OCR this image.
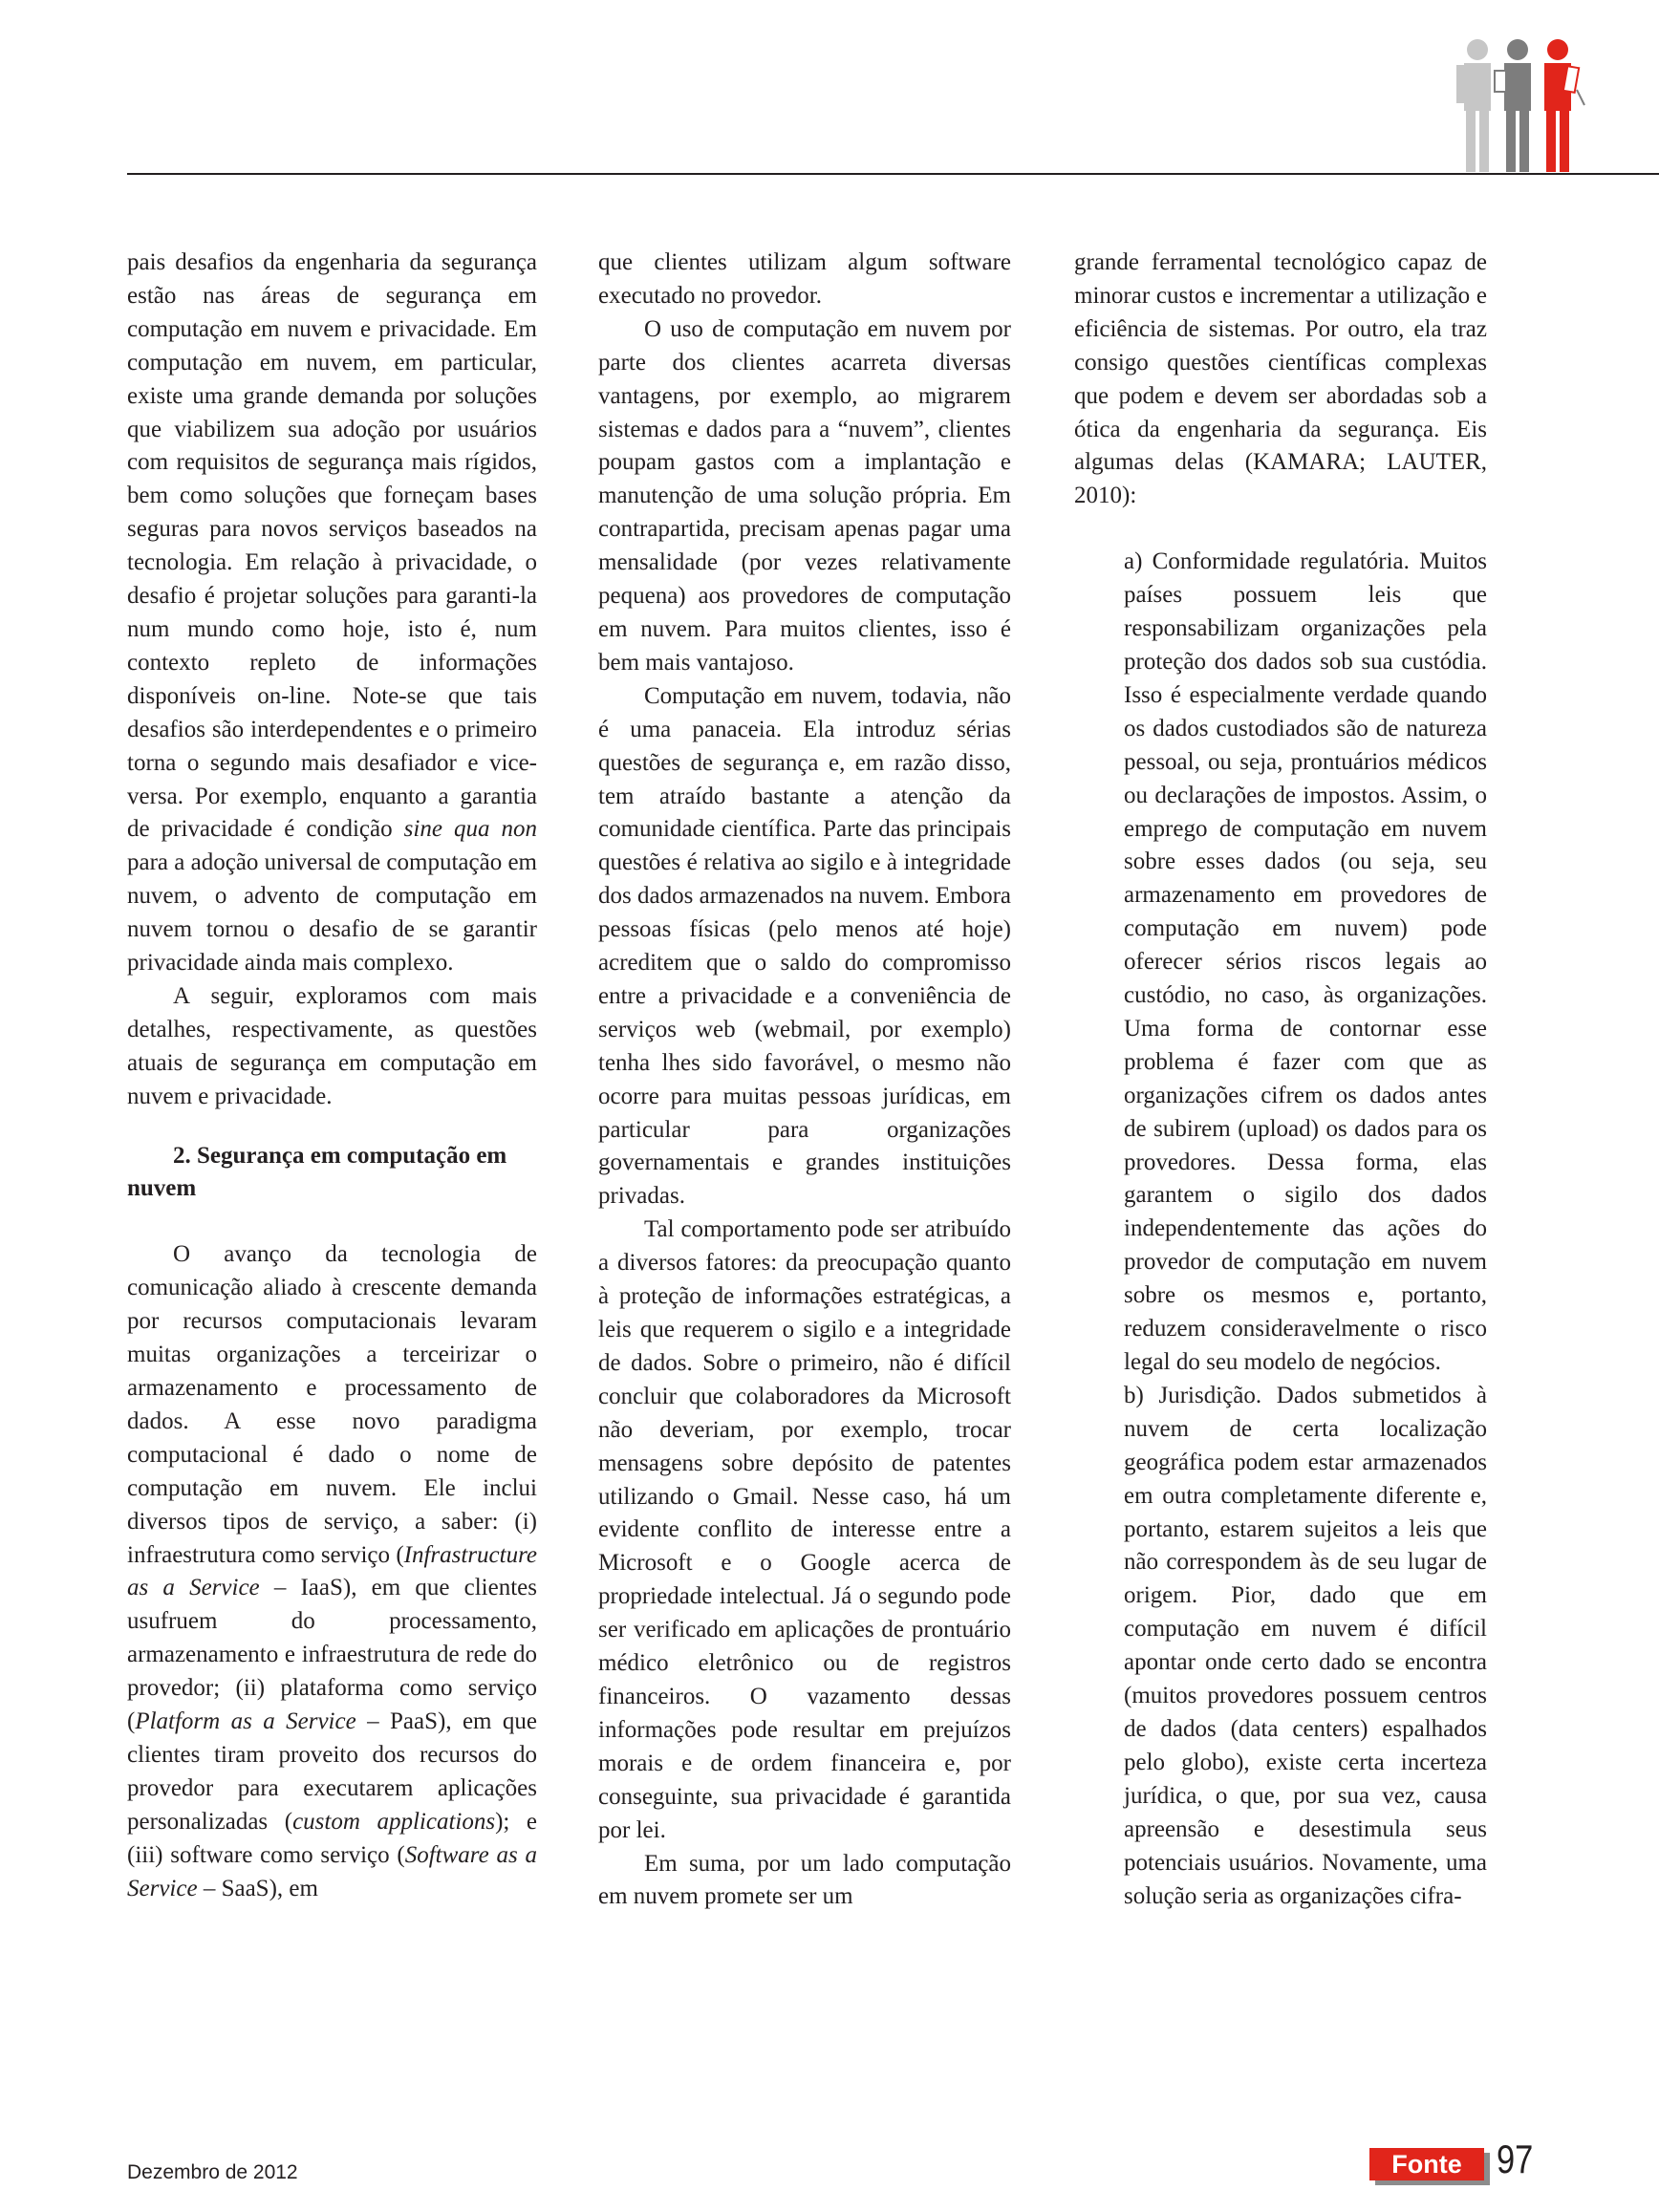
pais desafios da engenharia da segurança estão nas áreas de segurança em computação em nuvem e privacidade. Em computação em nuvem, em particular, existe uma grande demanda por soluções que viabilizem sua adoção por usuários com requisitos de segurança mais rígidos, bem como soluções que forneçam bases seguras para novos serviços baseados na tecnologia. Em relação à privacidade, o desafio é projetar soluções para garanti-la num mundo como hoje, isto é, num contexto repleto de informações disponíveis on-line. Note-se que tais desafios são interdependentes e o primeiro torna o segundo mais desafiador e vice-versa. Por exemplo, enquanto a garantia de privacidade é condição sine qua non para a adoção universal de computação em nuvem, o advento de computação em nuvem tornou o desafio de se garantir privacidade ainda mais complexo.

A seguir, exploramos com mais detalhes, respectivamente, as questões atuais de segurança em computação em nuvem e privacidade.

2. Segurança em computação em nuvem

O avanço da tecnologia de comunicação aliado à crescente demanda por recursos computacionais levaram muitas organizações a terceirizar o armazenamento e processamento de dados. A esse novo paradigma computacional é dado o nome de computação em nuvem. Ele inclui diversos tipos de serviço, a saber: (i) infraestrutura como serviço (Infrastructure as a Service – IaaS), em que clientes usufruem do processamento, armazenamento e infraestrutura de rede do provedor; (ii) plataforma como serviço (Platform as a Service – PaaS), em que clientes tiram proveito dos recursos do provedor para executarem aplicações personalizadas (custom applications); e (iii) software como serviço (Software as a Service – SaaS), em

que clientes utilizam algum software executado no provedor.

O uso de computação em nuvem por parte dos clientes acarreta diversas vantagens, por exemplo, ao migrarem sistemas e dados para a “nuvem”, clientes poupam gastos com a implantação e manutenção de uma solução própria. Em contrapartida, precisam apenas pagar uma mensalidade (por vezes relativamente pequena) aos provedores de computação em nuvem. Para muitos clientes, isso é bem mais vantajoso.

Computação em nuvem, todavia, não é uma panaceia. Ela introduz sérias questões de segurança e, em razão disso, tem atraído bastante a atenção da comunidade científica. Parte das principais questões é relativa ao sigilo e à integridade dos dados armazenados na nuvem. Embora pessoas físicas (pelo menos até hoje) acreditem que o saldo do compromisso entre a privacidade e a conveniência de serviços web (webmail, por exemplo) tenha lhes sido favorável, o mesmo não ocorre para muitas pessoas jurídicas, em particular para organizações governamentais e grandes instituições privadas.

Tal comportamento pode ser atribuído a diversos fatores: da preocupação quanto à proteção de informações estratégicas, a leis que requerem o sigilo e a integridade de dados. Sobre o primeiro, não é difícil concluir que colaboradores da Microsoft não deveriam, por exemplo, trocar mensagens sobre depósito de patentes utilizando o Gmail. Nesse caso, há um evidente conflito de interesse entre a Microsoft e o Google acerca de propriedade intelectual. Já o segundo pode ser verificado em aplicações de prontuário médico eletrônico ou de registros financeiros. O vazamento dessas informações pode resultar em prejuízos morais e de ordem financeira e, por conseguinte, sua privacidade é garantida por lei.

Em suma, por um lado computação em nuvem promete ser um

grande ferramental tecnológico capaz de minorar custos e incrementar a utilização e eficiência de sistemas. Por outro, ela traz consigo questões científicas complexas que podem e devem ser abordadas sob a ótica da engenharia da segurança. Eis algumas delas (KAMARA; LAUTER, 2010):

a) Conformidade regulatória. Muitos países possuem leis que responsabilizam organizações pela proteção dos dados sob sua custódia. Isso é especialmente verdade quando os dados custodiados são de natureza pessoal, ou seja, prontuários médicos ou declarações de impostos. Assim, o emprego de computação em nuvem sobre esses dados (ou seja, seu armazenamento em provedores de computação em nuvem) pode oferecer sérios riscos legais ao custódio, no caso, às organizações. Uma forma de contornar esse problema é fazer com que as organizações cifrem os dados antes de subirem (upload) os dados para os provedores. Dessa forma, elas garantem o sigilo dos dados independentemente das ações do provedor de computação em nuvem sobre os mesmos e, portanto, reduzem consideravelmente o risco legal do seu modelo de negócios.

b) Jurisdição. Dados submetidos à nuvem de certa localização geográfica podem estar armazenados em outra completamente diferente e, portanto, estarem sujeitos a leis que não correspondem às de seu lugar de origem. Pior, dado que em computação em nuvem é difícil apontar onde certo dado se encontra (muitos provedores possuem centros de dados (data centers) espalhados pelo globo), existe certa incerteza jurídica, o que, por sua vez, causa apreensão e desestimula seus potenciais usuários. Novamente, uma solução seria as organizações cifra-

Dezembro de 2012	Fonte 97
